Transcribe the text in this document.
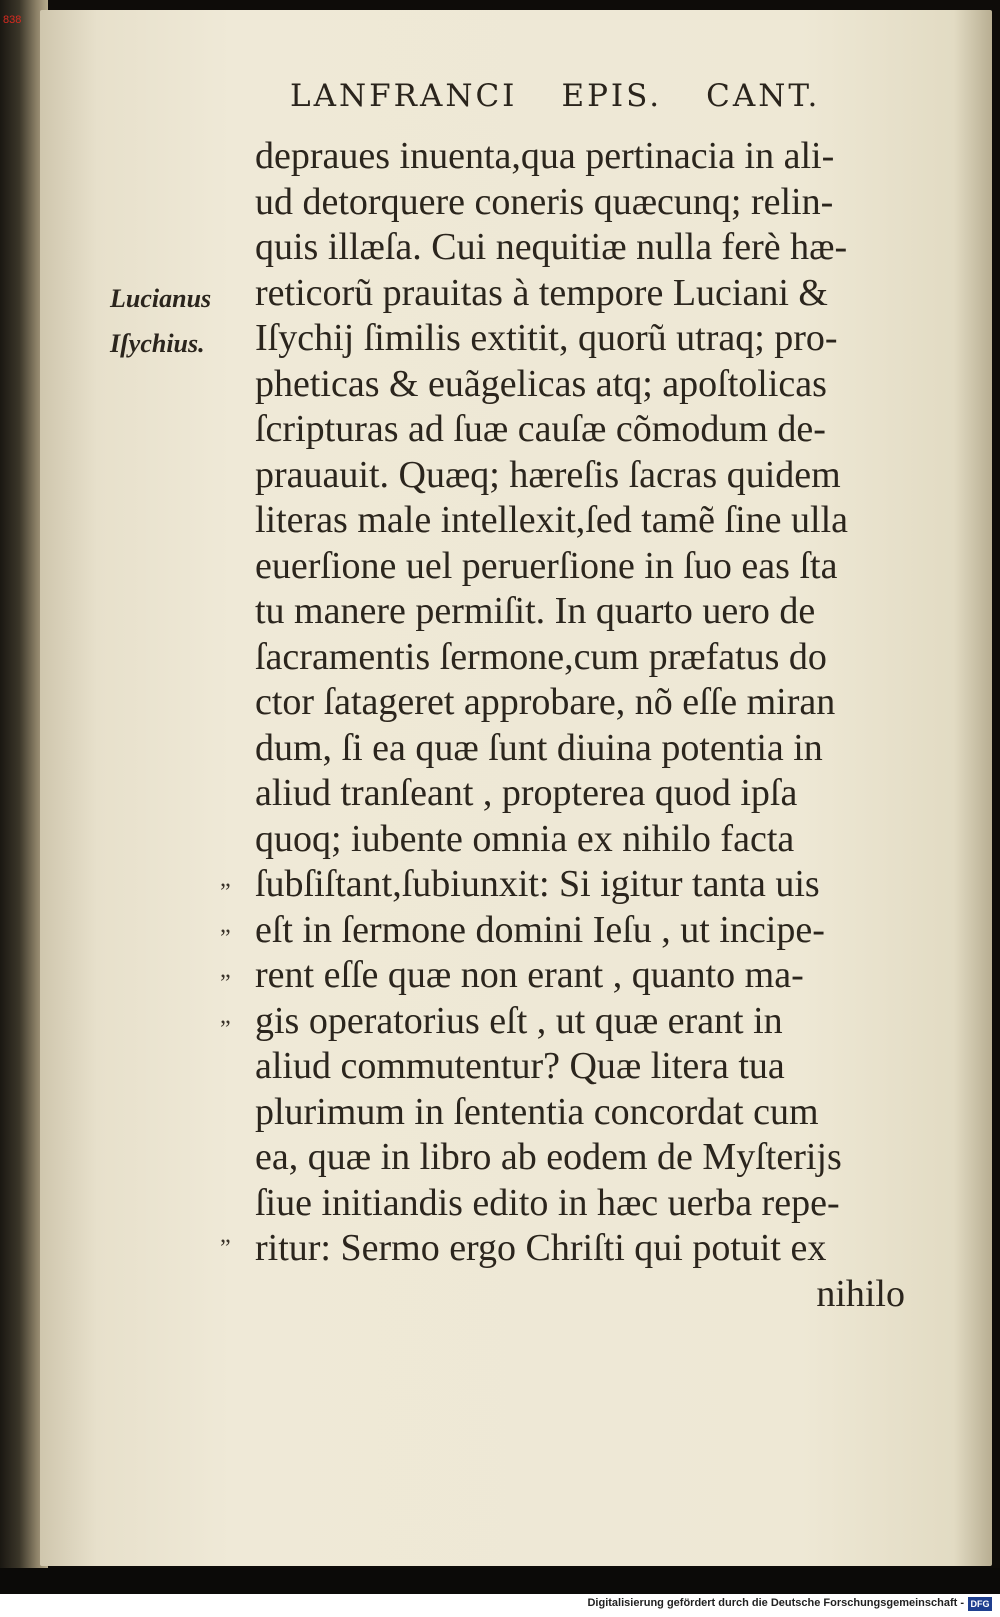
838
LANFRANCI EPIS. CANT.
Lucianus
Iſychius.
„
„
„
„
„
depraues inuenta,qua pertinacia in ali-
ud detorquere coneris quæcunq; relin-
quis illæſa. Cui nequitiæ nulla ferè hæ-
reticorũ prauitas à tempore Luciani &
Iſychij ſimilis extitit, quorũ utraq; pro-
pheticas & euãgelicas atq; apoſtolicas
ſcripturas ad ſuæ cauſæ cõmodum de-
prauauit. Quæq; hæreſis ſacras quidem
literas male intellexit,ſed tamẽ ſine ulla
euerſione uel peruerſione in ſuo eas ſta
tu manere permiſit. In quarto uero de
ſacramentis ſermone,cum præfatus do
ctor ſatageret approbare, nõ eſſe miran
dum, ſi ea quæ ſunt diuina potentia in
aliud tranſeant , propterea quod ipſa
quoq; iubente omnia ex nihilo facta
ſubſiſtant,ſubiunxit: Si igitur tanta uis
eſt in ſermone domini Ieſu , ut incipe-
rent eſſe quæ non erant , quanto ma-
gis operatorius eſt , ut quæ erant in
aliud commutentur? Quæ litera tua
plurimum in ſententia concordat cum
ea, quæ in libro ab eodem de Myſterijs
ſiue initiandis edito in hæc uerba repe-
ritur: Sermo ergo Chriſti qui potuit ex
nihilo
Digitalisierung gefördert durch die Deutsche Forschungsgemeinschaft - DFG
